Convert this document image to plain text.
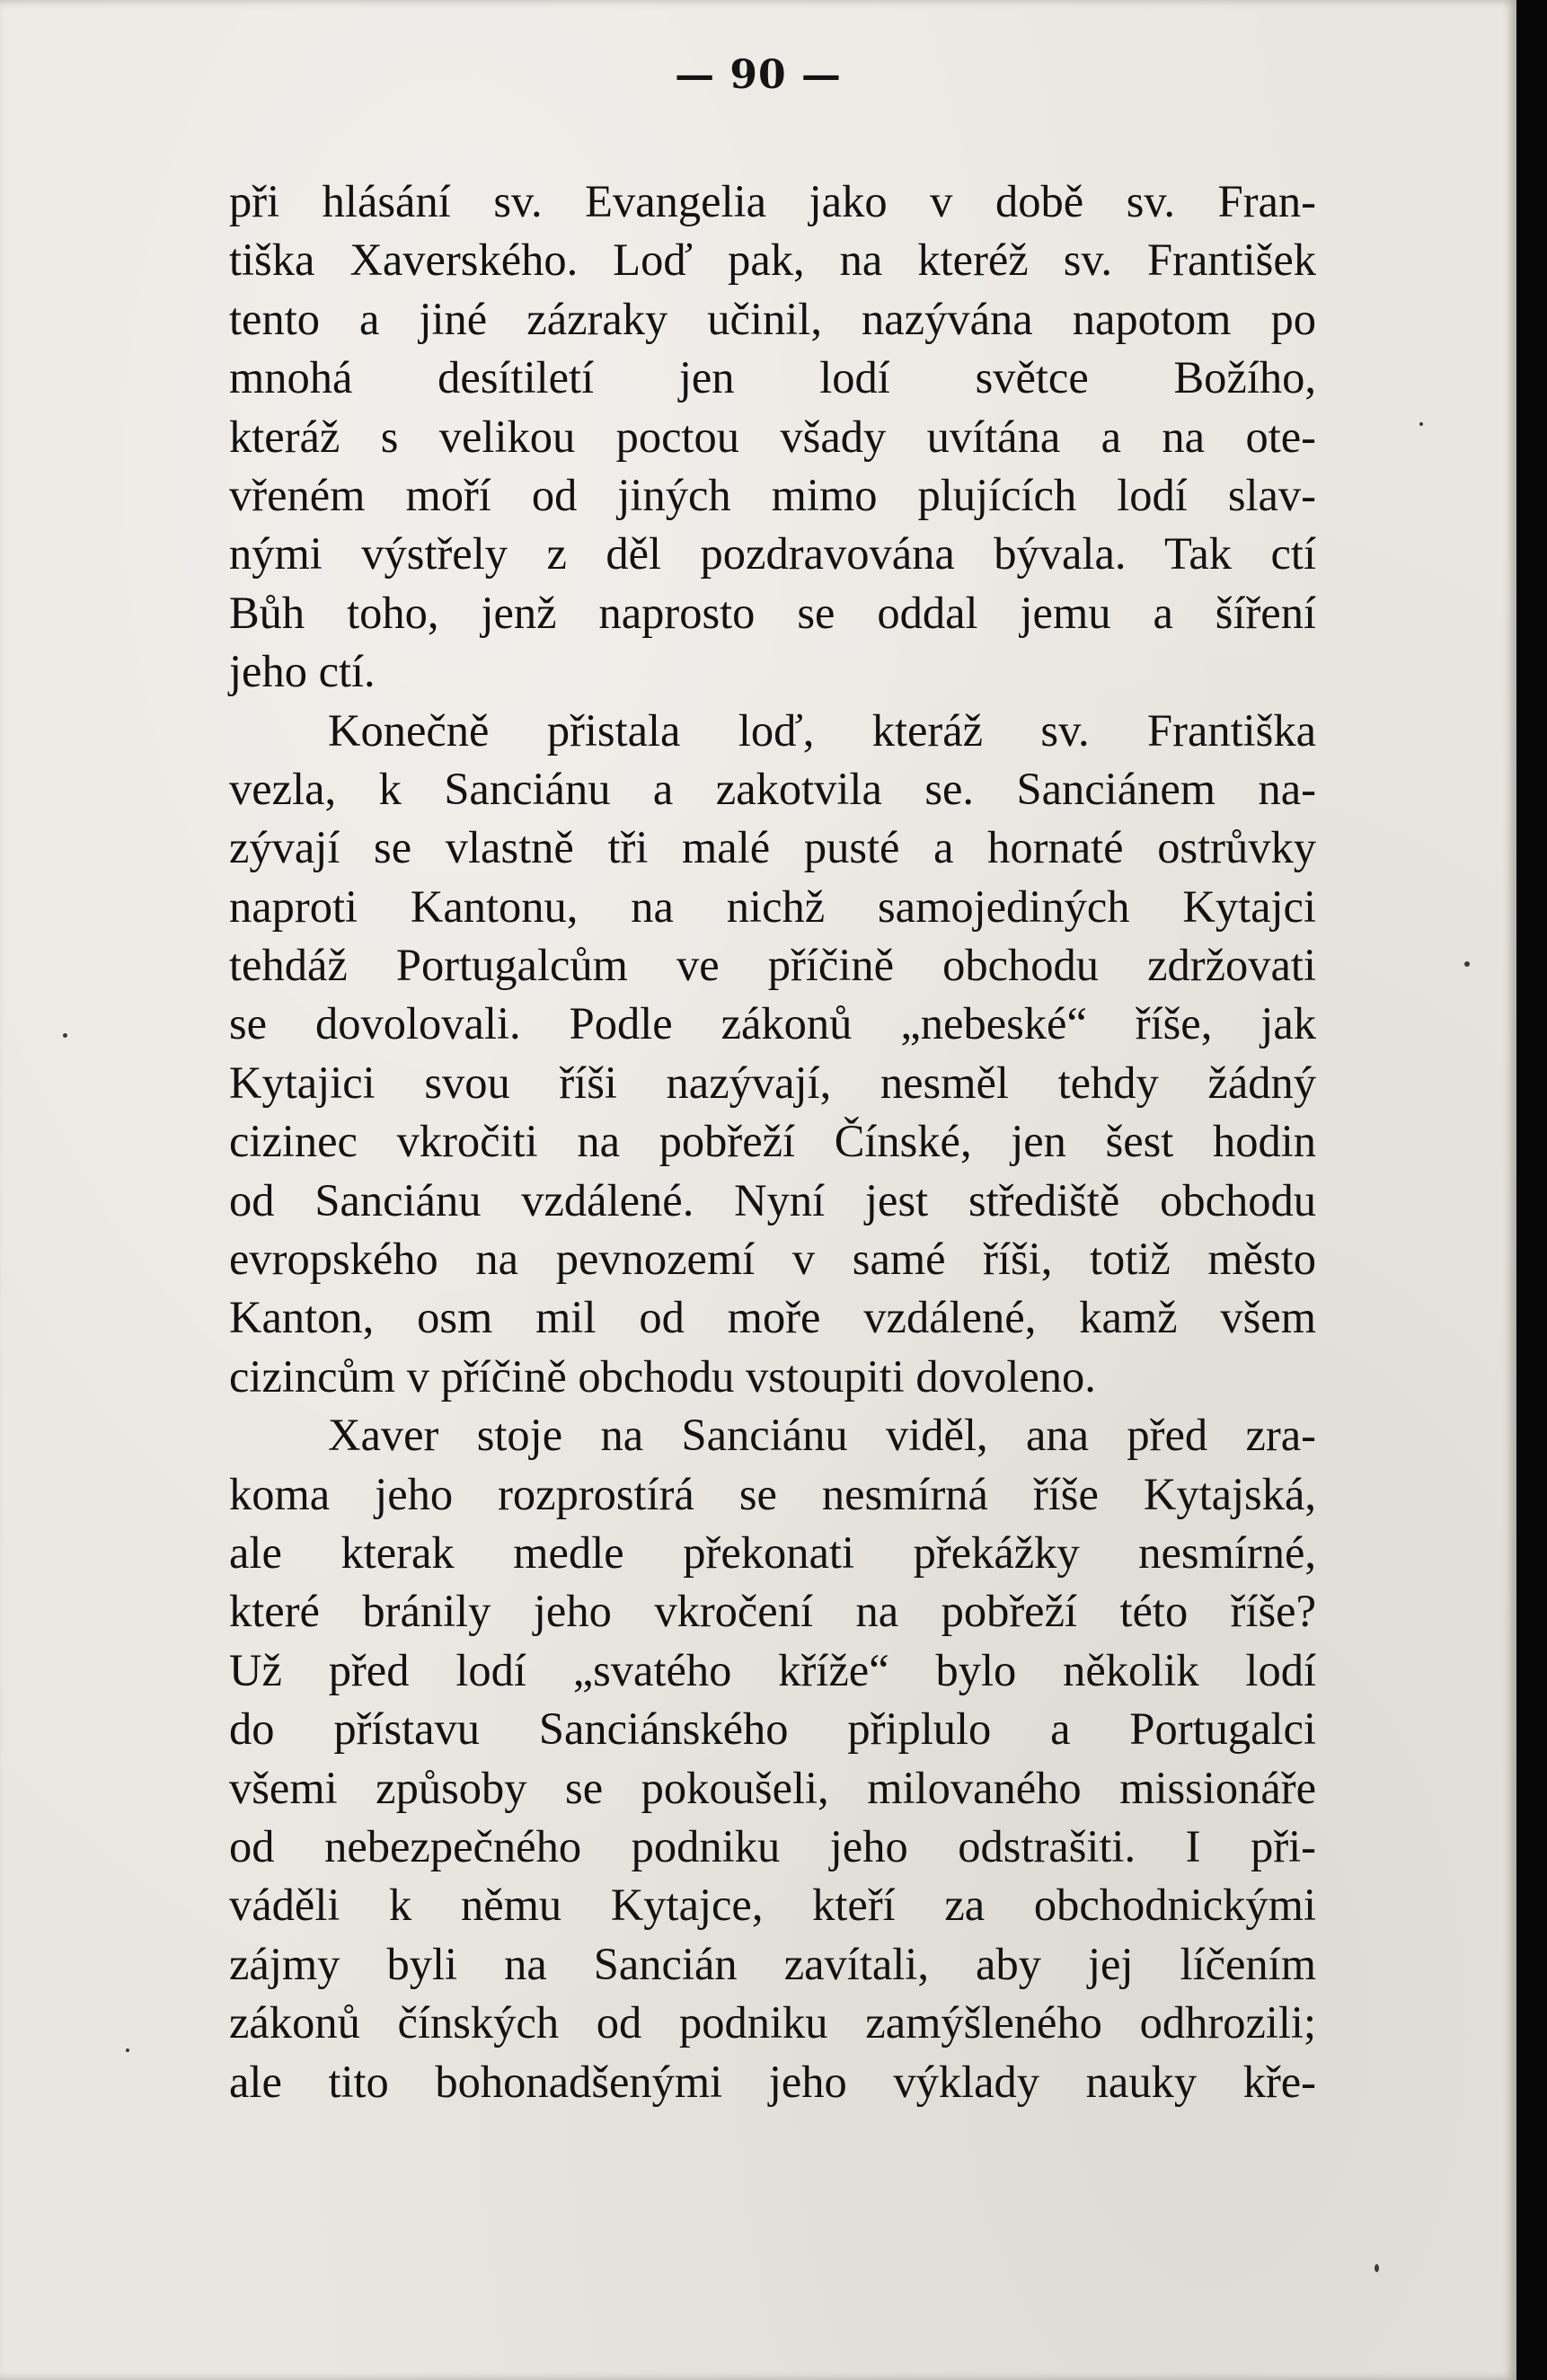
— 90 —
při hlásání sv. Evangelia jako v době sv. Fran-
tiška Xaverského. Loď pak, na kteréž sv. František
tento a jiné zázraky učinil, nazývána napotom po
mnohá desítiletí jen lodí světce Božího,
kteráž s velikou poctou všady uvítána a na ote-
vřeném moří od jiných mimo plujících lodí slav-
nými výstřely z děl pozdravována bývala. Tak ctí
Bůh toho, jenž naprosto se oddal jemu a šíření
jeho ctí.
Konečně přistala loď, kteráž sv. Františka
vezla, k Sanciánu a zakotvila se. Sanciánem na-
zývají se vlastně tři malé pusté a hornaté ostrůvky
naproti Kantonu, na nichž samojediných Kytajci
tehdáž Portugalcům ve příčině obchodu zdržovati
se dovolovali. Podle zákonů „nebeské“ říše, jak
Kytajici svou říši nazývají, nesměl tehdy žádný
cizinec vkročiti na pobřeží Čínské, jen šest hodin
od Sanciánu vzdálené. Nyní jest střediště obchodu
evropského na pevnozemí v samé říši, totiž město
Kanton, osm mil od moře vzdálené, kamž všem
cizincům v příčině obchodu vstoupiti dovoleno.
Xaver stoje na Sanciánu viděl, ana před zra-
koma jeho rozprostírá se nesmírná říše Kytajská,
ale kterak medle překonati překážky nesmírné,
které bránily jeho vkročení na pobřeží této říše?
Už před lodí „svatého kříže“ bylo několik lodí
do přístavu Sanciánského připlulo a Portugalci
všemi způsoby se pokoušeli, milovaného missionáře
od nebezpečného podniku jeho odstrašiti. I při-
váděli k němu Kytajce, kteří za obchodnickými
zájmy byli na Sancián zavítali, aby jej líčením
zákonů čínských od podniku zamýšleného odhrozili;
ale tito bohonadšenými jeho výklady nauky kře-
